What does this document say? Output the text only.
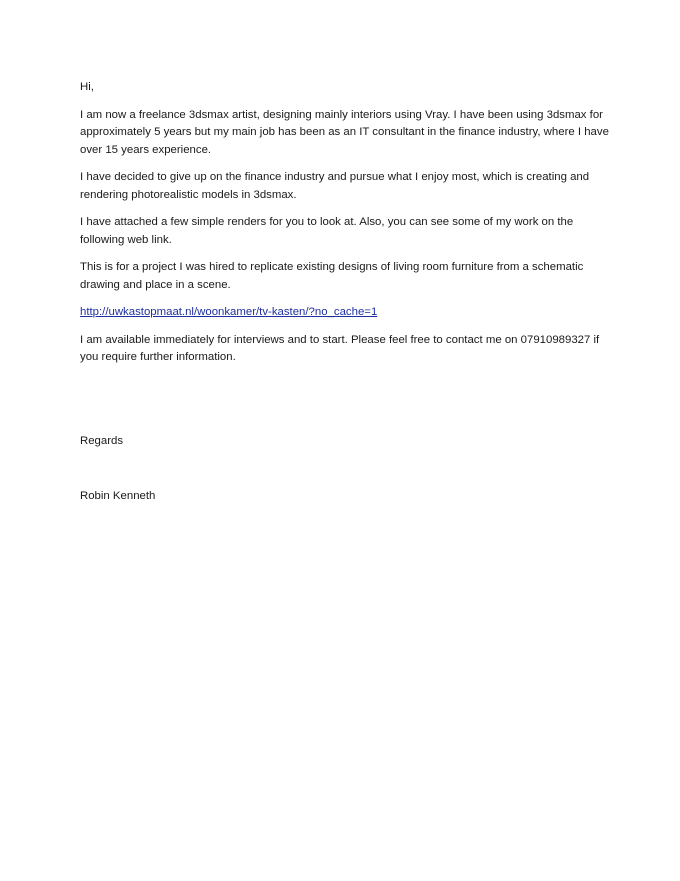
Hi,

I am now a freelance 3dsmax artist, designing mainly interiors using Vray. I have been using 3dsmax for approximately 5 years but my main job has been as an IT consultant in the finance industry, where I have over 15 years experience.

I have decided to give up on the finance industry and pursue what I enjoy most, which is creating and rendering photorealistic models in 3dsmax.

I have attached a few simple renders for you to look at. Also, you can see some of my work on the following web link.

This is for a project I was hired to replicate existing designs of living room furniture from a schematic drawing and place in a scene.

http://uwkastopmaat.nl/woonkamer/tv-kasten/?no_cache=1

I am available immediately for interviews and to start. Please feel free to contact me on 07910989327 if you require further information.

Regards

Robin Kenneth
